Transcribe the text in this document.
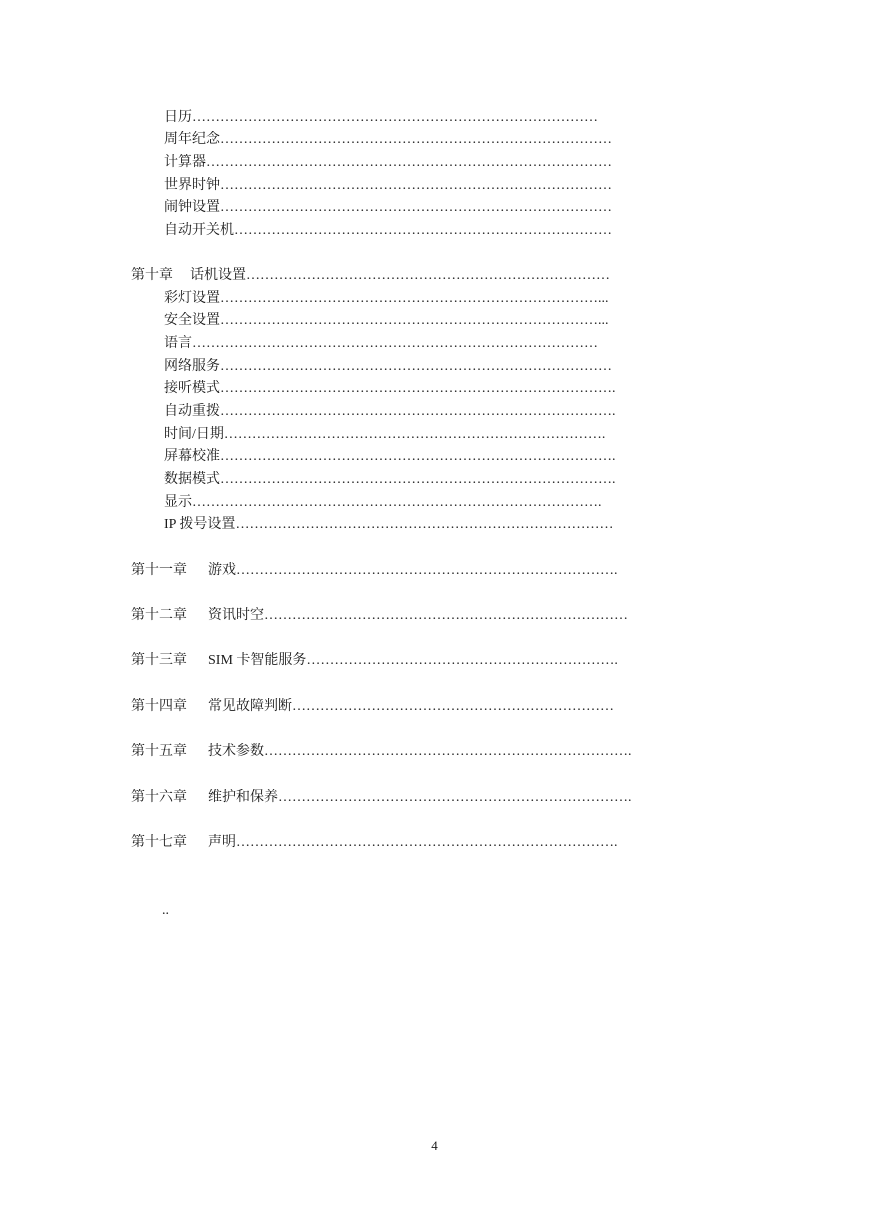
日历……………………………………………………………………………
周年纪念…………………………………………………………………………
计算器……………………………………………………………………………
世界时钟…………………………………………………………………………
闹钟设置…………………………………………………………………………
自动开关机………………………………………………………………………
第十章 话机设置……………………………………………………………………
彩灯设置………………………………………………………………………...
安全设置………………………………………………………………………...
语言……………………………………………………………………………
网络服务…………………………………………………………………………
接听模式………………………………………………………………………….
自动重拨………………………………………………………………………….
时间/日期……………………………………………………………………….
屏幕校准………………………………………………………………………….
数据模式………………………………………………………………………….
显示…………………………………………………………………………….
IP 拨号设置………………………………………………………………………
第十一章 游戏……………………………………………………………………….
第十二章 资讯时空……………………………………………………………………
第十三章 SIM 卡智能服务………………………………………………………….
第十四章 常见故障判断……………………………………………………………
第十五章 技术参数…………………………………………………………………….
第十六章 维护和保养………………………………………………………………….
第十七章 声明……………………………………………………………………….
..
4
